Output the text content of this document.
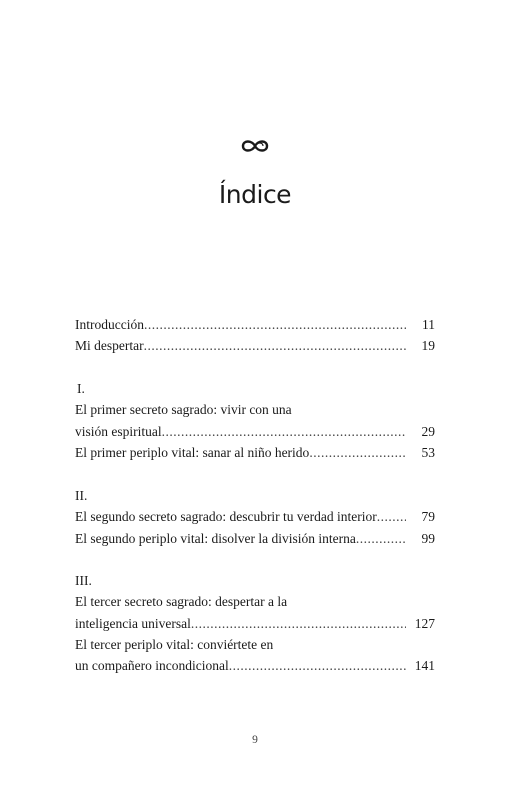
Índice
Introducción .....	11
Mi despertar .....	19
I.
El primer secreto sagrado: vivir con una
visión espiritual .....	29
El primer periplo vital: sanar al niño herido .....	53
II.
El segundo secreto sagrado: descubrir tu verdad interior .....	79
El segundo periplo vital: disolver la división interna .....	99
III.
El tercer secreto sagrado: despertar a la
inteligencia universal .....	127
El tercer periplo vital: conviértete en
un compañero incondicional .....	141
9
